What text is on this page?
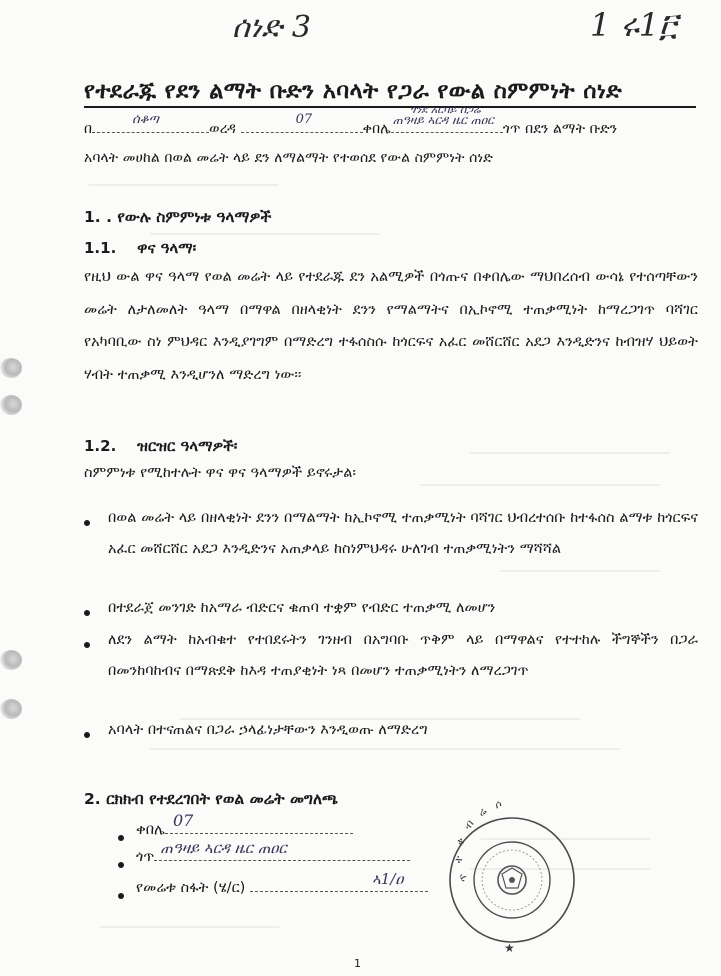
ሰነድ 3	1 ሩ1፫
የተደራጁ የደን ልማት ቡድን አባላት የጋራ የውል ስምምነት ሰነድ
ጎንደ አርባይ ሰጋሬ
በ
ሰቆጣ
ወረዳ
07
ቀበሌ
ጠዓዛይ ኣርዳ ዜር ጠዐር
ጎጥ በደን ልማት ቡድን
አባላት መሀከል በወል መሬት ላይ ደን ለማልማት የተወሰደ የውል ስምምነት ሰነድ
1. . የውሉ ስምምነቱ ዓላማዎች
1.1. ዋና ዓላማ፡
የዚህ ውል ዋና ዓላማ የወል መሬት ላይ የተደራጁ ደን አልሚዎች በጎጡና በቀበሌው ማህበረሰብ ውሳኔ የተሰጣቸውን መሬት ለታለመለት ዓላማ በማዋል በዘላቂነት ደንን የማልማትና በኢኮኖሚ ተጠቃሚነት ከማረጋገጥ ባሻገር የአካባቢው ስነ ምህዳር እንዲያገግም በማድረግ ተፋሰስሱ ከጎርፍና አፈር መሸርሸር አደጋ እንዲድንና ከብዝሃ ህይወት ሃብት ተጠቃሚ እንዲሆንለ ማድረግ ነው፡፡
1.2. ዝርዝር ዓላማዎች፡
ስምምነቱ የሚከተሉት ዋና ዋና ዓላማዎች ይኖሩታል፡
በወል መሬት ላይ በዘላቂነት ደንን በማልማት ከኢኮኖሚ ተጠቃሚነት ባሻገር ህብረተሰቡ ከተፋሰስ ልማቱ ከጎርፍና አፈር መሸርሸር አደጋ እንዲድንና አጠቃላይ ከስነምህዳሩ ሁለገብ ተጠቃሚነትን ማሻሻል
በተደራጀ መንገድ ከአማራ ብድርና ቁጠባ ተቋም የብድር ተጠቃሚ ለመሆን
ለደን ልማት ከአብቁተ የተበደሩትን ገንዘብ በአግባቡ ጥቅም ላይ በማዋልና የተተከሉ ችግኞችን በጋራ በመንከባከብና በማጽደቅ ከእዳ ተጠያቂነት ነጻ በመሆን ተጠቃሚነትን ለማረጋገጥ
አባላት በተናጠልና በጋራ ኃላፊነታቸውን እንዲወጡ ለማድረግ
2. ርክክብ የተደረገበት የወል መሬት መግለጫ
ቀበሌ 07
ጎጥ ጠዓዛይ ኣርዳ ዜር ጠዐር
የመሬቱ ስፋት (ሄ/ር)	ኣ1/ዐ	ጥ ተ ቀ ብ ሬ ሶ
★
1
